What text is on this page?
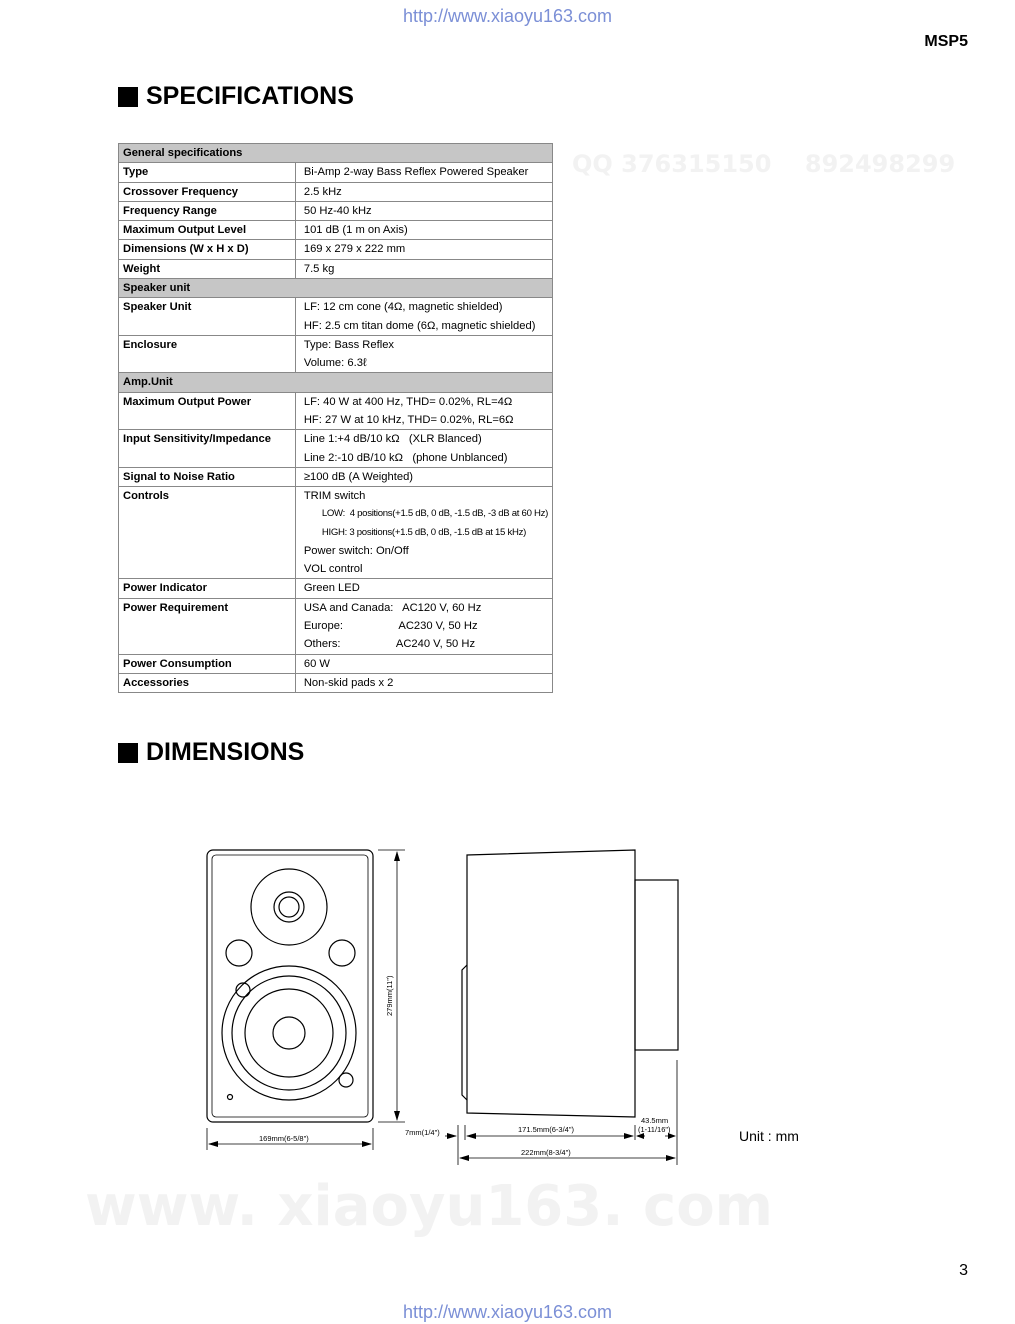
QQ 376315150    892498299
www. xiaoyu163. com
http://www.xiaoyu163.com
MSP5
SPECIFICATIONS
General specifications	
Type	Bi-Amp 2-way Bass Reflex Powered Speaker

Crossover Frequency	2.5 kHz

Frequency Range	50 Hz-40 kHz

Maximum Output Level	101 dB (1 m on Axis)

Dimensions (W x H x D)	169 x 279 x 222 mm

Weight	7.5 kg

Speaker unit	
Speaker Unit	LF: 12 cm cone (4Ω, magnetic shielded)
HF: 2.5 cm titan dome (6Ω, magnetic shielded)

Enclosure	Type: Bass Reflex
Volume: 6.3ℓ

Amp.Unit	
Maximum Output Power	LF: 40 W at 400 Hz, THD= 0.02%, RL=4Ω
HF: 27 W at 10 kHz, THD= 0.02%, RL=6Ω

Input Sensitivity/Impedance	Line 1:+4 dB/10 kΩ   (XLR Blanced)
Line 2:-10 dB/10 kΩ   (phone Unblanced)

Signal to Noise Ratio	≥100 dB (A Weighted)

Controls	TRIM switch
LOW:  4 positions(+1.5 dB, 0 dB, -1.5 dB, -3 dB at 60 Hz)
HIGH: 3 positions(+1.5 dB, 0 dB, -1.5 dB at 15 kHz)
Power switch: On/Off
VOL control

Power Indicator	Green LED

Power Requirement	USA and Canada:   AC120 V, 60 Hz
Europe:                  AC230 V, 50 Hz
Others:                  AC240 V, 50 Hz

Power Consumption	60 W

Accessories	Non-skid pads x 2
DIMENSIONS
279mm(11")
169mm(6-5/8")
7mm(1/4")	171.5mm(6-3/4")
43.5mm
(1-11/16")
222mm(8-3/4")
Unit : mm
3
http://www.xiaoyu163.com
